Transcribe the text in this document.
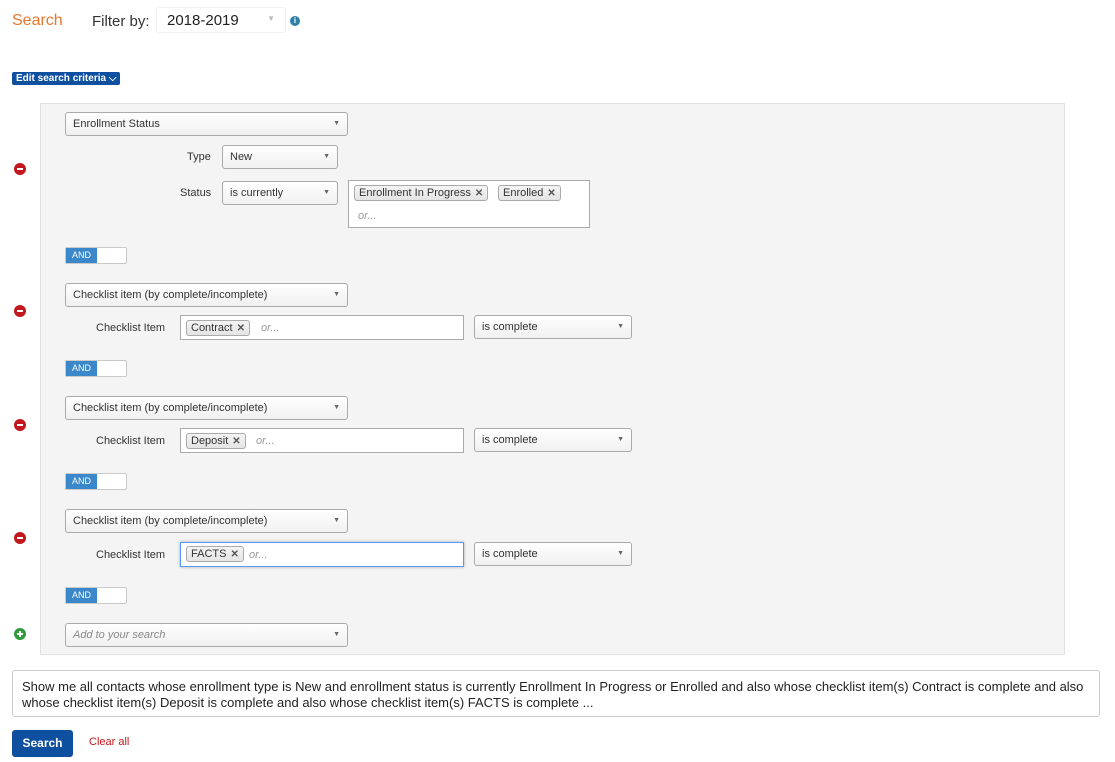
Search Filter by:	2018-2019	▼	i
Edit search criteria ⌵
Enrollment Status	▼
Type	New	▼
Status	is currently	▼	Enrollment In Progress ✕	Enrolled ✕
or...
AND
Checklist item (by complete/incomplete)	▼
Checklist Item	Contract ✕	or...	is complete	▼
AND
Checklist item (by complete/incomplete)	▼
Checklist Item	Deposit ✕	or...	is complete	▼
AND
Checklist item (by complete/incomplete)	▼
Checklist Item	FACTS ✕ or...	is complete	▼
AND
Add to your search	▼
Show me all contacts whose enrollment type is New and enrollment status is currently Enrollment In Progress or Enrolled and also whose checklist item(s) Contract is complete and also whose checklist item(s) Deposit is complete and also whose checklist item(s) FACTS is complete ...
Search	Clear all
